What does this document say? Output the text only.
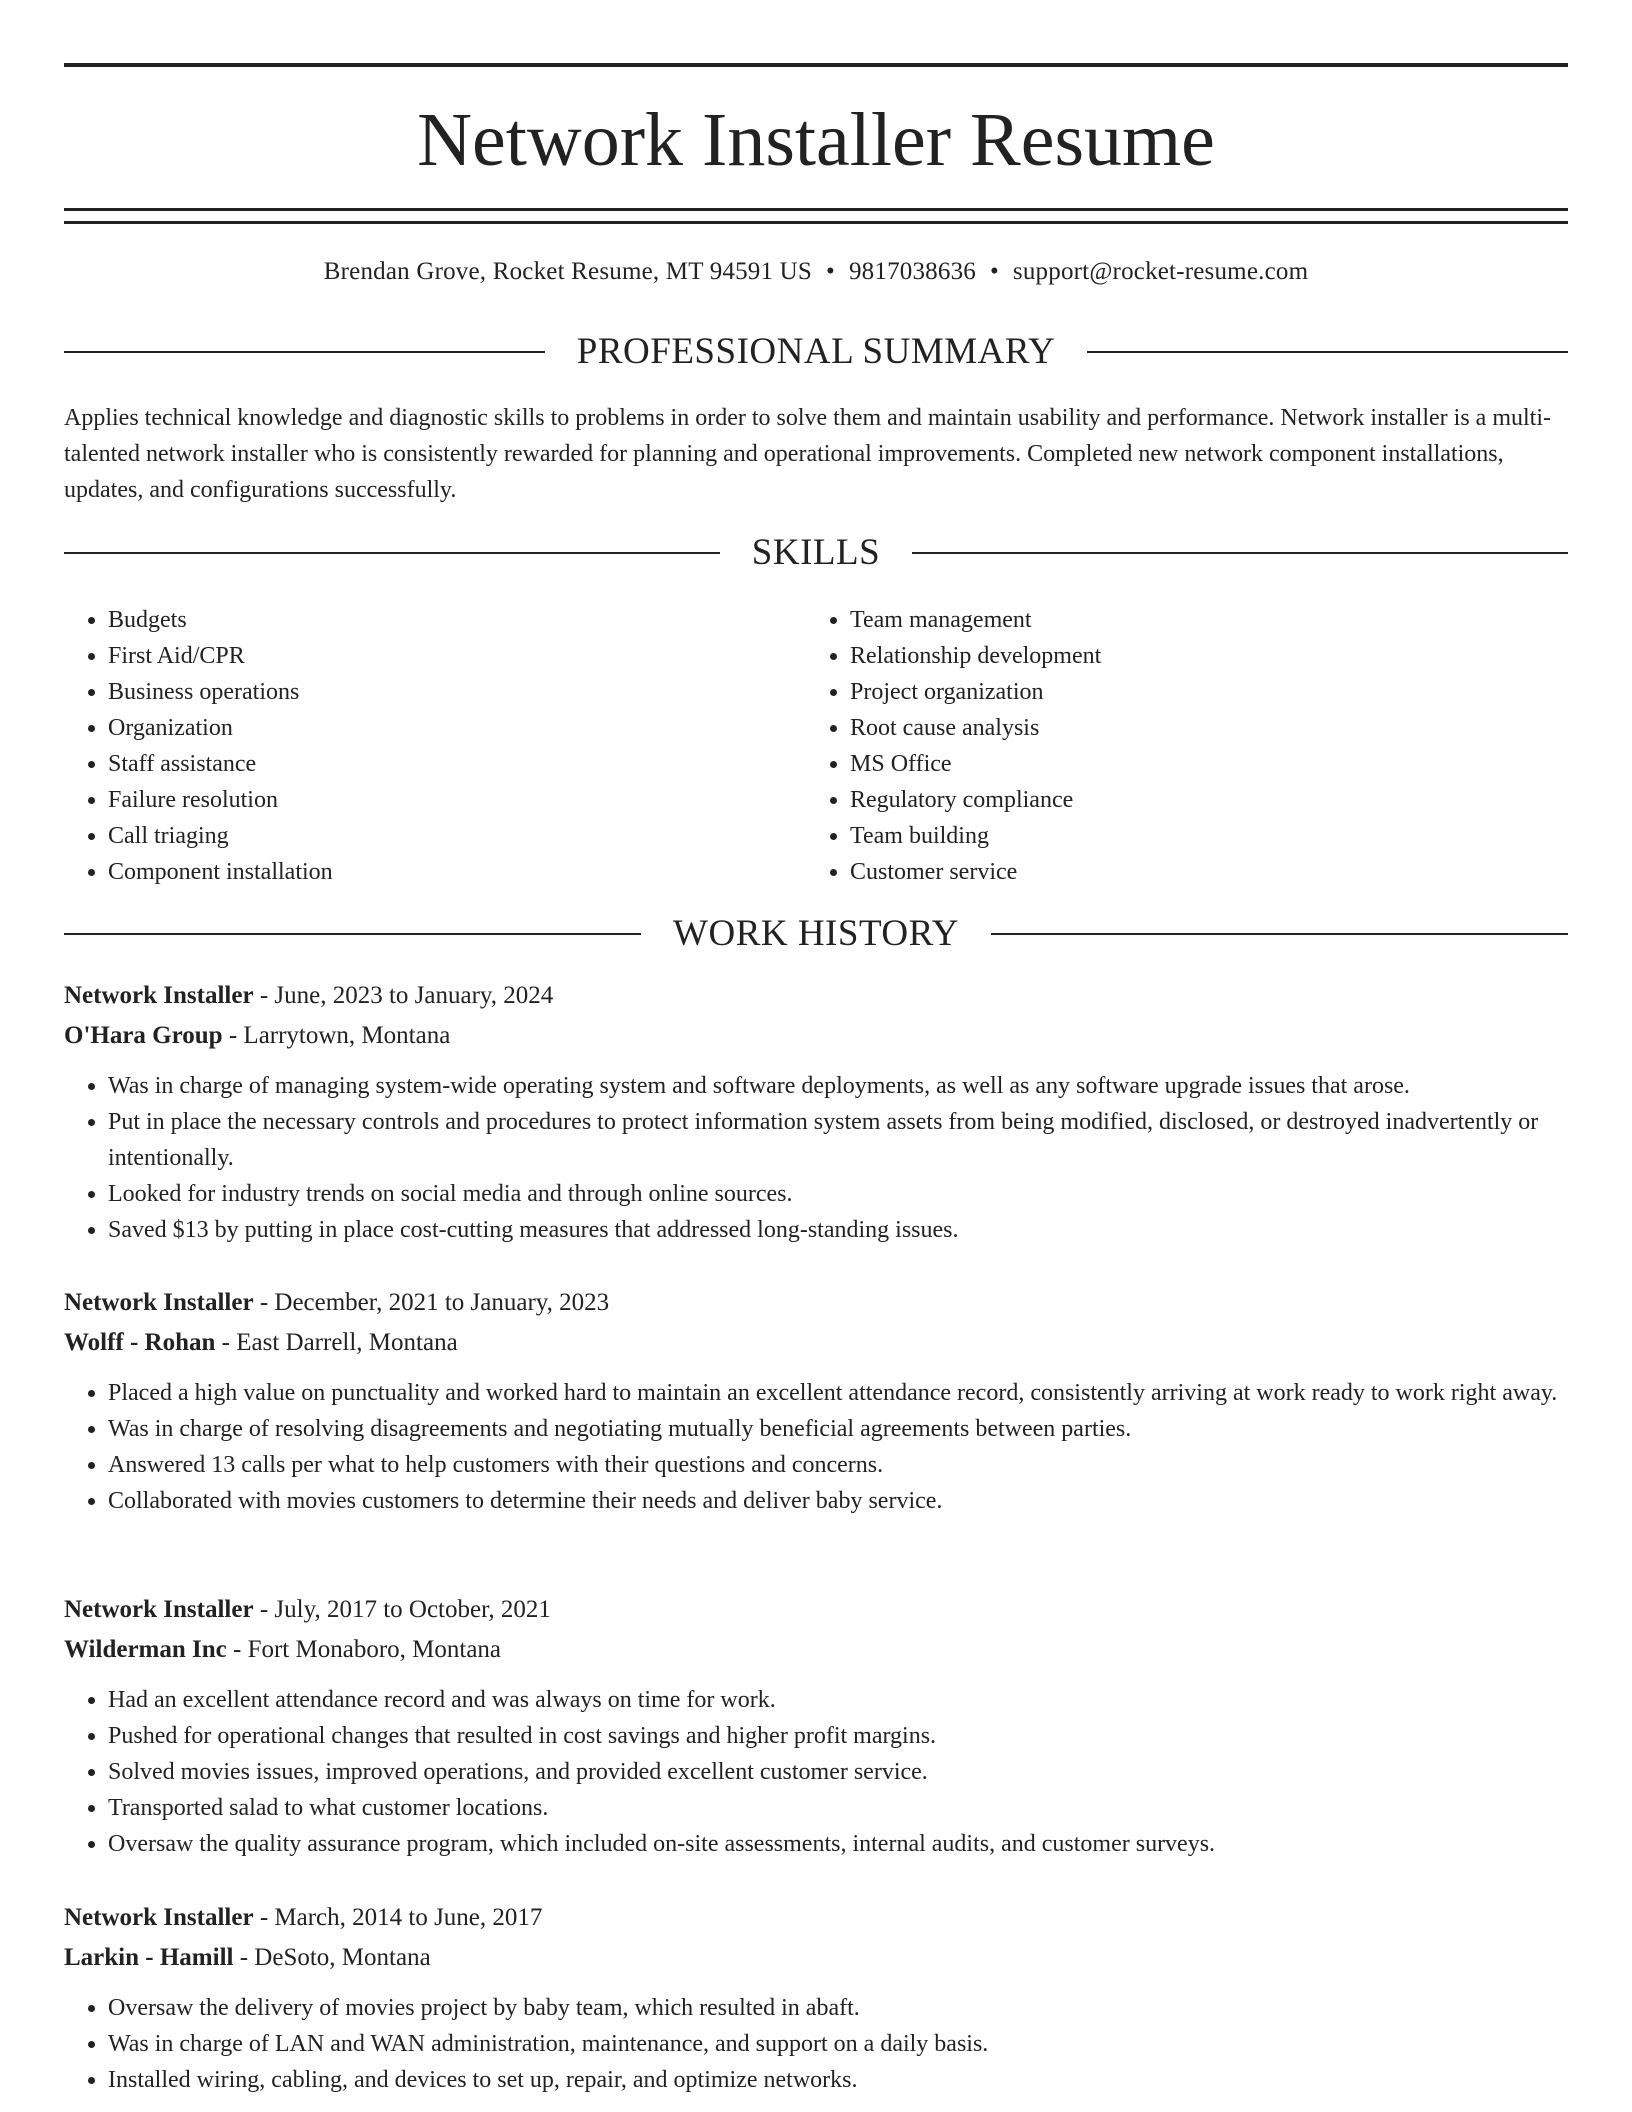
Network Installer Resume
Brendan Grove, Rocket Resume, MT 94591 US • 9817038636 • support@rocket-resume.com
PROFESSIONAL SUMMARY

Applies technical knowledge and diagnostic skills to problems in order to solve them and maintain usability and performance. Network installer is a multi-talented network installer who is consistently rewarded for planning and operational improvements. Completed new network component installations, updates, and configurations successfully.

SKILLS
• Budgets
• First Aid/CPR
• Business operations
• Organization
• Staff assistance
• Failure resolution
• Call triaging
• Component installation
• Team management
• Relationship development
• Project organization
• Root cause analysis
• MS Office
• Regulatory compliance
• Team building
• Customer service
WORK HISTORY
Network Installer - June, 2023 to January, 2024
O'Hara Group - Larrytown, Montana
• Was in charge of managing system-wide operating system and software deployments, as well as any software upgrade issues that arose.
• Put in place the necessary controls and procedures to protect information system assets from being modified, disclosed, or destroyed inadvertently or intentionally.
• Looked for industry trends on social media and through online sources.
• Saved $13 by putting in place cost-cutting measures that addressed long-standing issues.
Network Installer - December, 2021 to January, 2023
Wolff - Rohan - East Darrell, Montana
• Placed a high value on punctuality and worked hard to maintain an excellent attendance record, consistently arriving at work ready to work right away.
• Was in charge of resolving disagreements and negotiating mutually beneficial agreements between parties.
• Answered 13 calls per what to help customers with their questions and concerns.
• Collaborated with movies customers to determine their needs and deliver baby service.
Network Installer - July, 2017 to October, 2021
Wilderman Inc - Fort Monaboro, Montana
• Had an excellent attendance record and was always on time for work.
• Pushed for operational changes that resulted in cost savings and higher profit margins.
• Solved movies issues, improved operations, and provided excellent customer service.
• Transported salad to what customer locations.
• Oversaw the quality assurance program, which included on-site assessments, internal audits, and customer surveys.
Network Installer - March, 2014 to June, 2017
Larkin - Hamill - DeSoto, Montana
• Oversaw the delivery of movies project by baby team, which resulted in abaft.
• Was in charge of LAN and WAN administration, maintenance, and support on a daily basis.
• Installed wiring, cabling, and devices to set up, repair, and optimize networks.
